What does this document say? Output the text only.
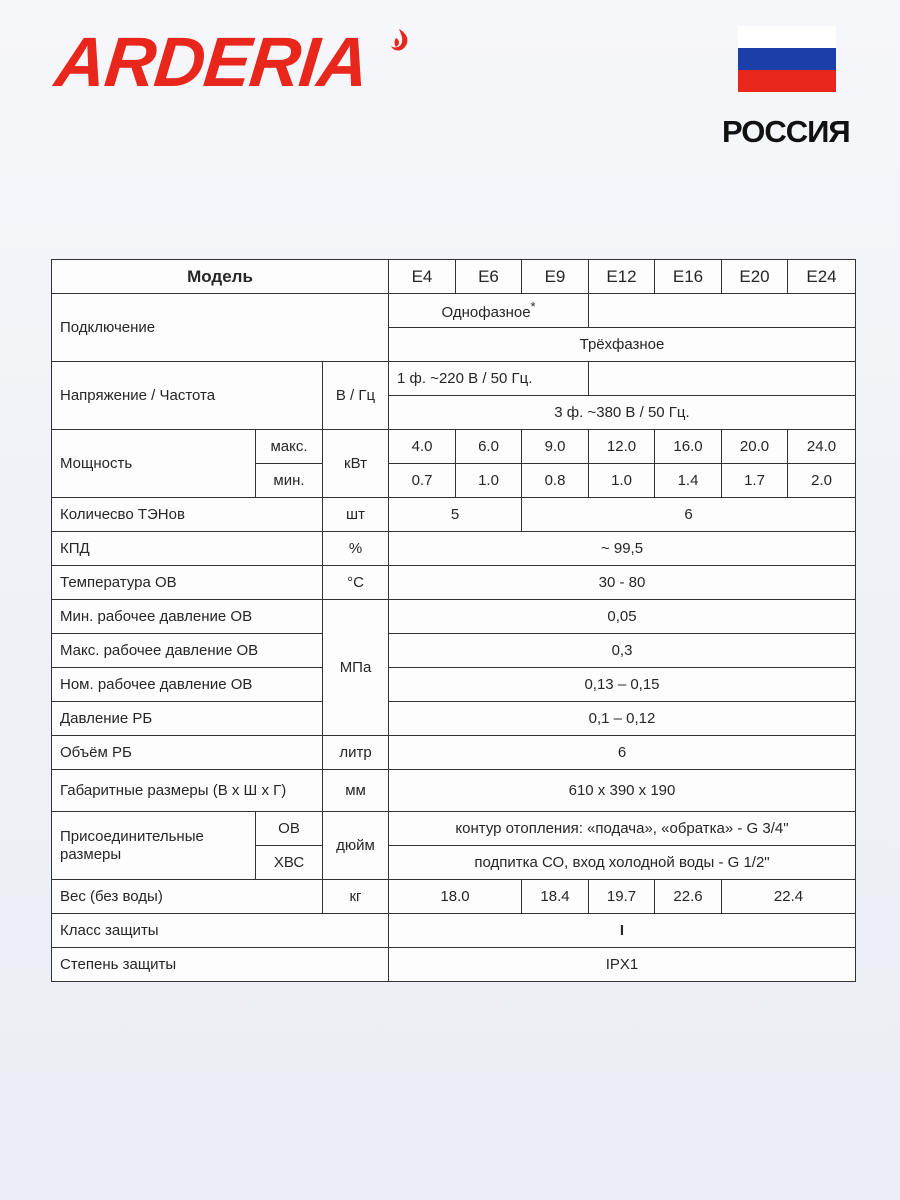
ARDERIA
РОССИЯ
Модель			E4	E6	E9	E12	E16	E20	E24
Подключение			Однофазное*	
			Трёхфазное						
Напряжение / Частота		В / Гц	1 ф. ~220 В / 50 Гц.						
			3 ф. ~380 В / 50 Гц.						
Мощность	макс.	кВт	4.0	6.0	9.0	12.0	16.0	20.0	24.0
	мин.		0.7	1.0	0.8	1.0	1.4	1.7	2.0
Количесво ТЭНов		шт	5		6				
КПД		%	~ 99,5						
Температура ОВ		°С	30 - 80						
Мин. рабочее давление ОВ		МПа	0,05						
Макс. рабочее давление ОВ			0,3						
Ном. рабочее давление ОВ			0,13 – 0,15						
Давление РБ			0,1 – 0,12						
Объём РБ		литр	6						
Габаритные размеры (В х Ш х Г)		мм	610 х 390 х 190						
Присоединительные размеры	ОВ	дюйм	контур отопления: «подача», «обратка» - G 3/4"						
	ХВС		подпитка СО, вход холодной воды - G 1/2"						
Вес (без воды)		кг	18.0		18.4	19.7	22.6	22.4	
Класс защиты			I						
Степень защиты			IPX1						
